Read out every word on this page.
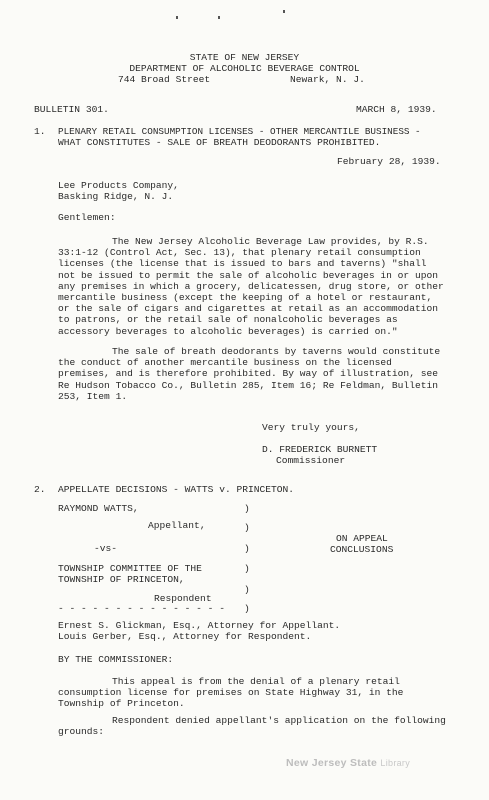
STATE OF NEW JERSEY
DEPARTMENT OF ALCOHOLIC BEVERAGE CONTROL
744 Broad Street	Newark, N. J.
BULLETIN 301.	MARCH 8, 1939.
1. PLENARY RETAIL CONSUMPTION LICENSES - OTHER MERCANTILE BUSINESS -
WHAT CONSTITUTES - SALE OF BREATH DEODORANTS PROHIBITED.
February 28, 1939.
Lee Products Company,
Basking Ridge, N. J.
Gentlemen:

The New Jersey Alcoholic Beverage Law provides, by R.S. 33:1-12 (Control Act, Sec. 13), that plenary retail consumption licenses (the license that is issued to bars and taverns) "shall not be issued to permit the sale of alcoholic beverages in or upon any premises in which a grocery, delicatessen, drug store, or other mercantile business (except the keeping of a hotel or restaurant, or the sale of cigars and cigarettes at retail as an accommodation to patrons, or the retail sale of nonalcoholic beverages as accessory beverages to alcoholic beverages) is carried on."

The sale of breath deodorants by taverns would constitute the conduct of another mercantile business on the licensed premises, and is therefore prohibited. By way of illustration, see Re Hudson Tobacco Co., Bulletin 285, Item 16; Re Feldman, Bulletin 253, Item 1.

Very truly yours,
D. FREDERICK BURNETT
Commissioner
2. APPELLATE DECISIONS - WATTS v. PRINCETON.
RAYMOND WATTS,
Appellant,
-vs-
TOWNSHIP COMMITTEE OF THE
TOWNSHIP OF PRINCETON,
Respondent
- - - - - - - - - - - - - - -
)
)
)
)
)
)
ON APPEAL
CONCLUSIONS
Ernest S. Glickman, Esq., Attorney for Appellant.
Louis Gerber, Esq., Attorney for Respondent.
BY THE COMMISSIONER:

This appeal is from the denial of a plenary retail consumption license for premises on State Highway 31, in the Township of Princeton.

Respondent denied appellant's application on the following grounds:

New Jersey State Library
